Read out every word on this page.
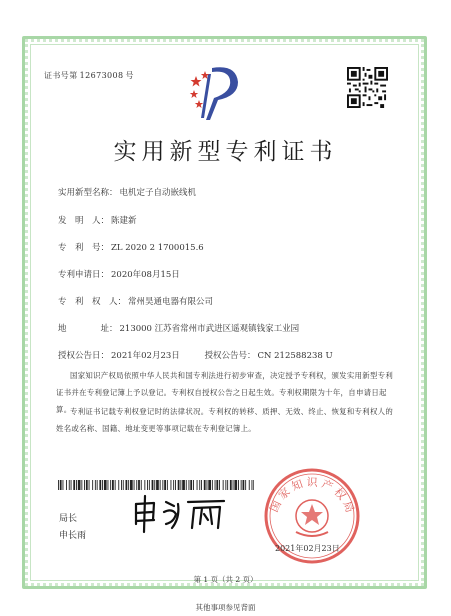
证书号第 12673008 号
实用新型专利证书
实用新型名称： 电机定子自动嵌线机
发　明　人： 陈建新
专　利　号： ZL 2020 2 1700015.6
专利申请日： 2020年08月15日
专　利　权　人： 常州昊通电器有限公司
地　　　　址： 213000 江苏省常州市武进区遥观镇钱家工业园
授权公告日： 2021年02月23日	授权公告号： CN 212588238 U
国家知识产权局依照中华人民共和国专利法进行初步审查，决定授予专利权，颁发实用新型专利证书并在专利登记簿上予以登记。专利权自授权公告之日起生效。专利权期限为十年，自申请日起算。
专利证书记载专利权登记时的法律状况。专利权的转移、质押、无效、终止、恢复和专利权人的姓名或名称、国籍、地址变更等事项记载在专利登记簿上。
局长
申长雨
国家知识产权局
2021年02月23日
第 1 页（共 2 页）
其他事项参见背面
